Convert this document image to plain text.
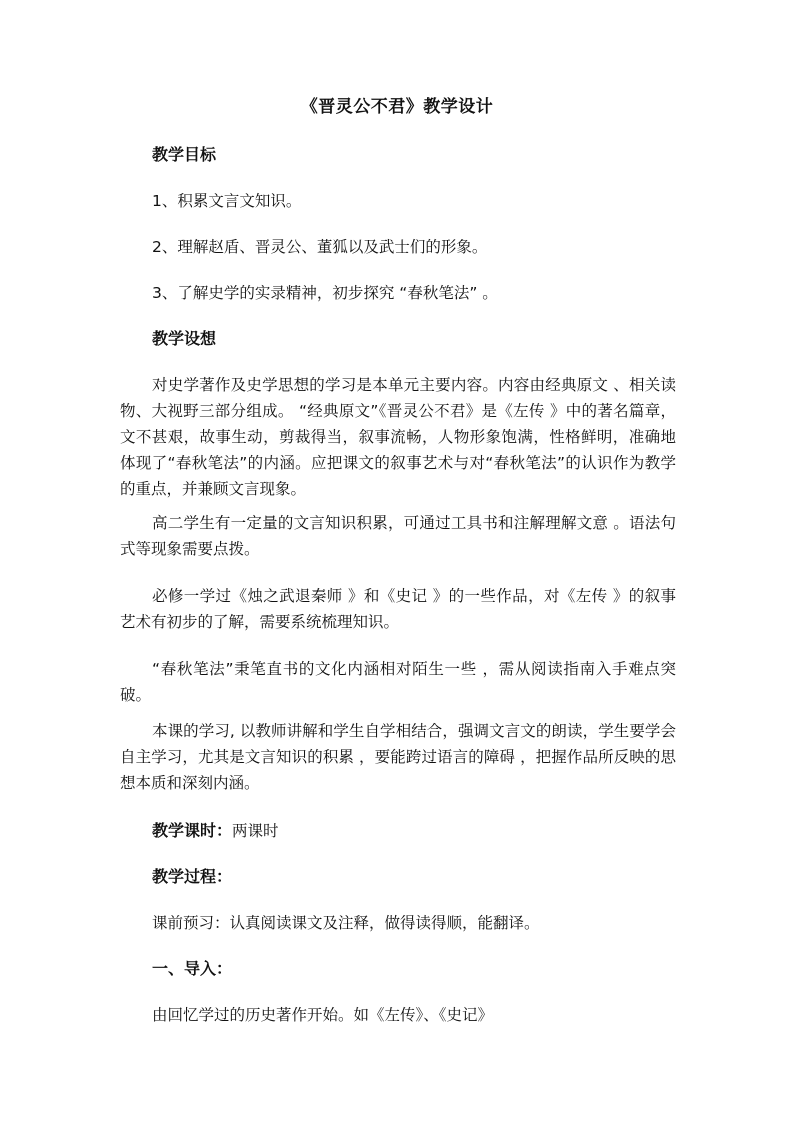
《晋灵公不君》教学设计

教学目标

1、积累文言文知识。

2、理解赵盾、晋灵公、董狐以及武士们的形象。

3、了解史学的实录精神，初步探究 “春秋笔法” 。

教学设想

对史学著作及史学思想的学习是本单元主要内容。内容由经典原文 、相关读物、大视野三部分组成。 “经典原文”《晋灵公不君》是《左传 》中的著名篇章，文不甚艰，故事生动，剪裁得当，叙事流畅，人物形象饱满，性格鲜明，准确地体现了“春秋笔法”的内涵。应把课文的叙事艺术与对“春秋笔法”的认识作为教学的重点，并兼顾文言现象。

高二学生有一定量的文言知识积累，可通过工具书和注解理解文意 。语法句式等现象需要点拨。

必修一学过《烛之武退秦师 》和《史记 》的一些作品，对《左传 》的叙事艺术有初步的了解，需要系统梳理知识。

“春秋笔法”秉笔直书的文化内涵相对陌生一些 ，需从阅读指南入手难点突破。

本课的学习, 以教师讲解和学生自学相结合，强调文言文的朗读，学生要学会自主学习，尤其是文言知识的积累 ，要能跨过语言的障碍 ，把握作品所反映的思想本质和深刻内涵。

教学课时：两课时

教学过程：

课前预习：认真阅读课文及注释，做得读得顺，能翻译。

一、导入：

由回忆学过的历史著作开始。如《左传》、《史记》
